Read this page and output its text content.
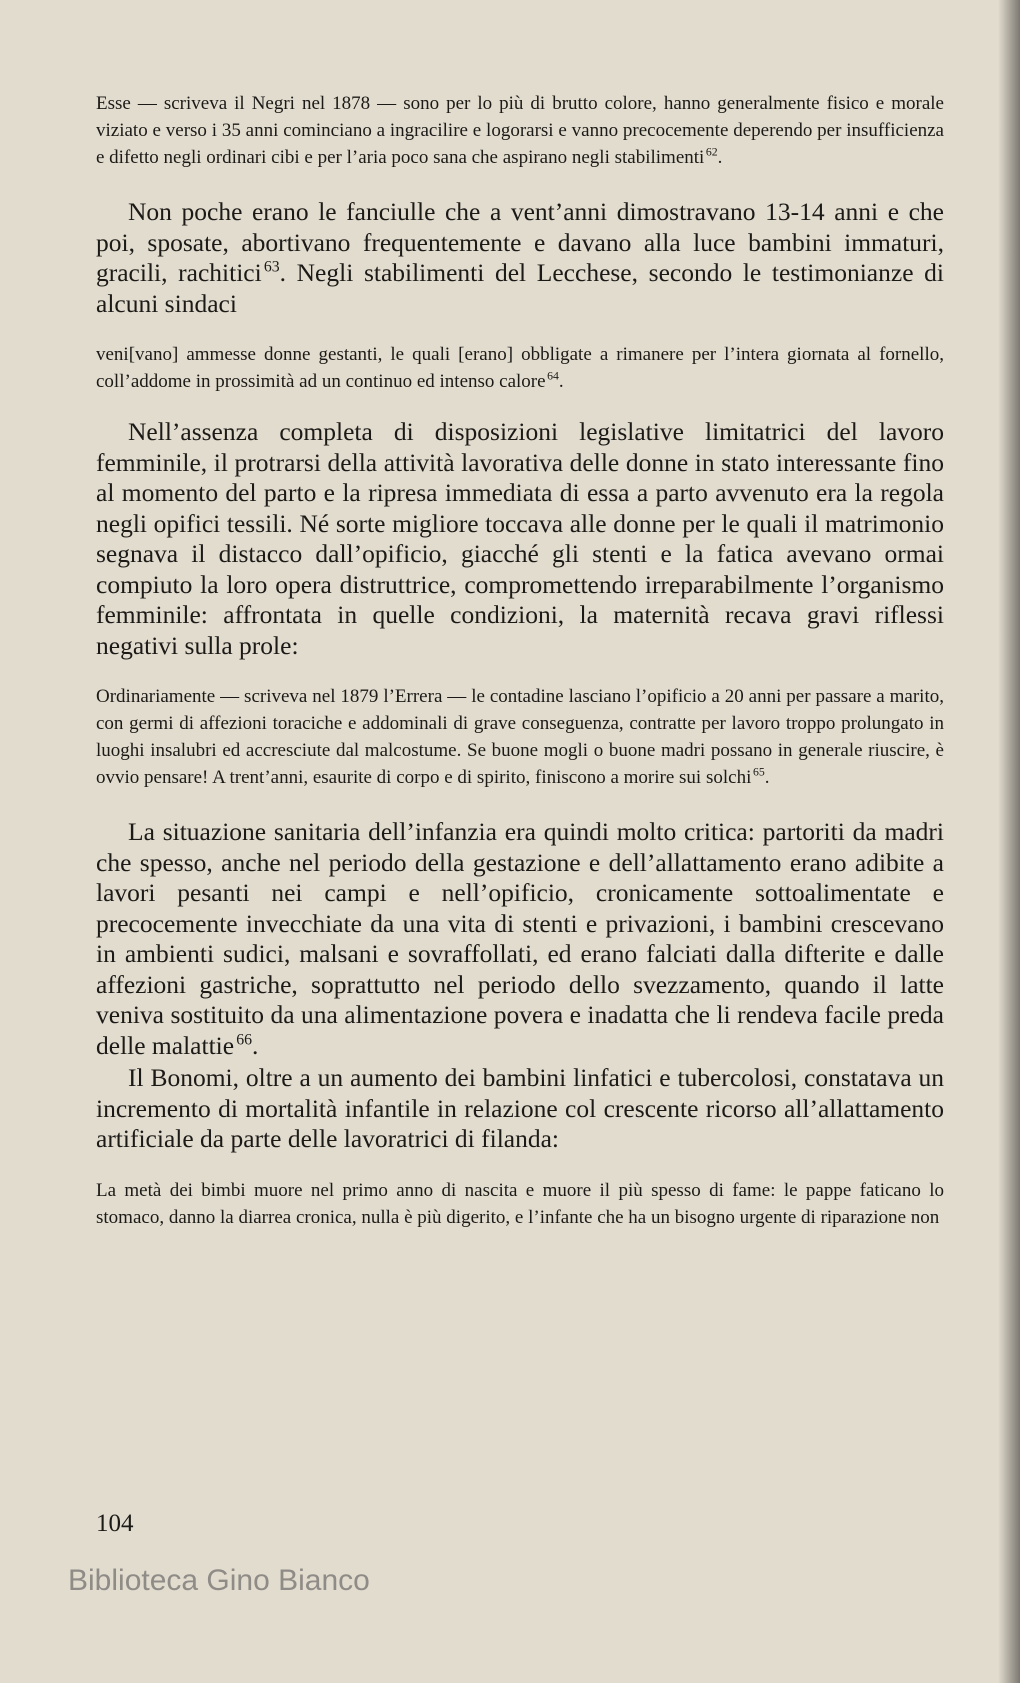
Esse — scriveva il Negri nel 1878 — sono per lo più di brutto colore, hanno generalmente fisico e morale viziato e verso i 35 anni cominciano a ingracilire e logorarsi e vanno precocemente deperendo per insufficienza e difetto negli ordinari cibi e per l’aria poco sana che aspirano negli stabilimenti  $^{62}$.

Non poche erano le fanciulle che a vent’anni dimostravano 13-14 anni e che poi, sposate, abortivano frequentemente e davano alla luce bambini immaturi, gracili, rachitici  $^{63}$. Negli stabilimenti del Lecchese, secondo le testimonianze di alcuni sindaci

veni[vano] ammesse donne gestanti, le quali [erano] obbligate a rimanere per l’intera giornata al fornello, coll’addome in prossimità ad un continuo ed intenso calore  $^{64}$.

Nell’assenza completa di disposizioni legislative limitatrici del lavoro femminile, il protrarsi della attività lavorativa delle donne in stato interessante fino al momento del parto e la ripresa immediata di essa a parto avvenuto era la regola negli opifici tessili. Né sorte migliore toccava alle donne per le quali il matrimonio segnava il distacco dall’opificio, giacché gli stenti e la fatica avevano ormai compiuto la loro opera distruttrice, compromettendo irreparabilmente l’organismo femminile: affrontata in quelle condizioni, la maternità recava gravi riflessi negativi sulla prole:

Ordinariamente — scriveva nel 1879 l’Errera — le contadine lasciano l’opificio a 20 anni per passare a marito, con germi di affezioni toraciche e addominali di grave conseguenza, contratte per lavoro troppo prolungato in luoghi insalubri ed accresciute dal malcostume. Se buone mogli o buone madri possano in generale riuscire, è ovvio pensare! A trent’anni, esaurite di corpo e di spirito, finiscono a morire sui solchi  $^{65}$.

La situazione sanitaria dell’infanzia era quindi molto critica: partoriti da madri che spesso, anche nel periodo della gestazione e dell’allattamento erano adibite a lavori pesanti nei campi e nell’opificio, cronicamente sottoalimentate e precocemente invecchiate da una vita di stenti e privazioni, i bambini crescevano in ambienti sudici, malsani e sovraffollati, ed erano falciati dalla difterite e dalle affezioni gastriche, soprattutto nel periodo dello svezzamento, quando il latte veniva sostituito da una alimentazione povera e inadatta che li rendeva facile preda delle malattie  $^{66}$.

Il Bonomi, oltre a un aumento dei bambini linfatici e tubercolosi, constatava un incremento di mortalità infantile in relazione col crescente ricorso all’allattamento artificiale da parte delle lavoratrici di filanda:

La metà dei bimbi muore nel primo anno di nascita e muore il più spesso di fame: le pappe faticano lo stomaco, danno la diarrea cronica, nulla è più digerito, e l’infante che ha un bisogno urgente di riparazione non

104
Biblioteca Gino Bianco
